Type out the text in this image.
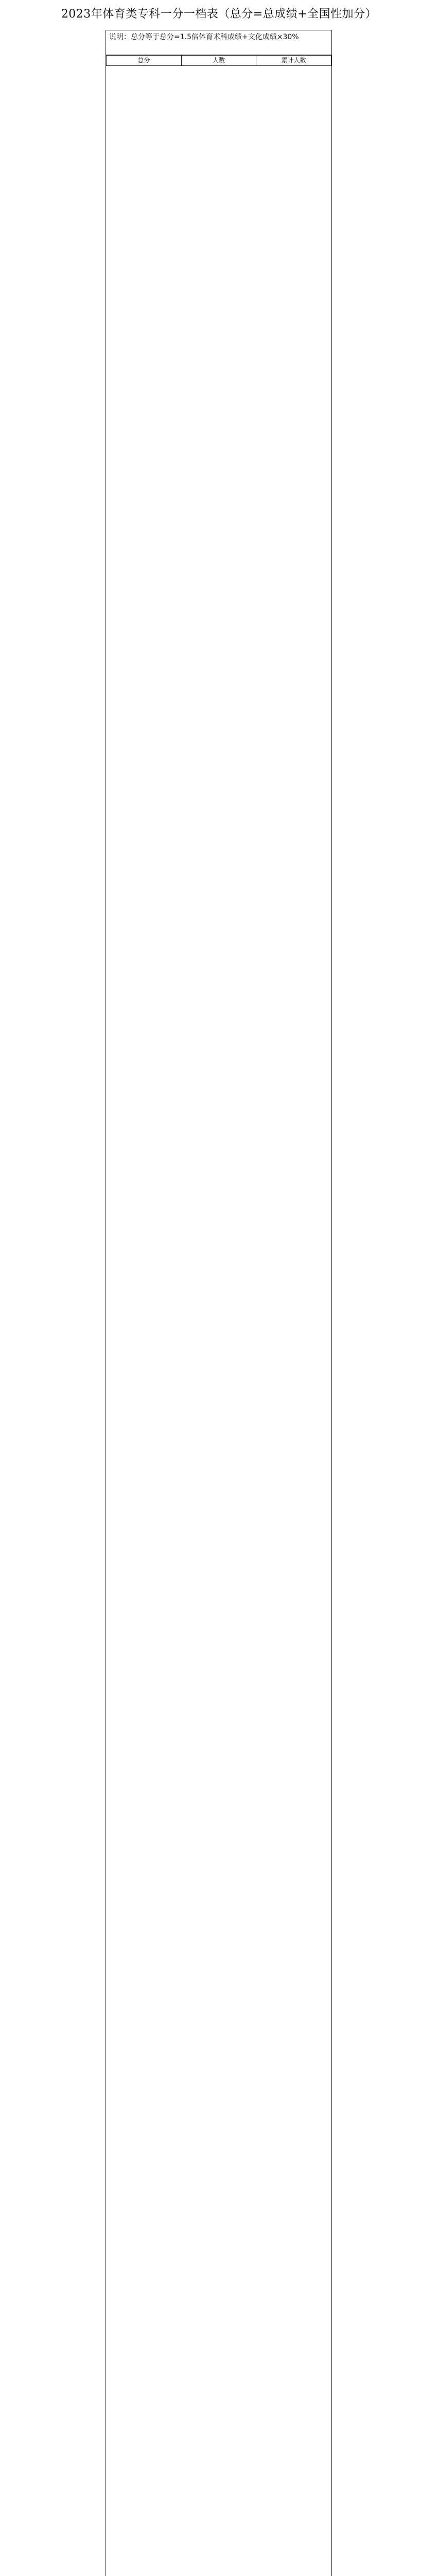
2023年体育类专科一分一档表（总分=总成绩+全国性加分）
说明：总分等于总分=1.5倍体育术科成绩+文化成绩×30%
总分	人数	累计人数
